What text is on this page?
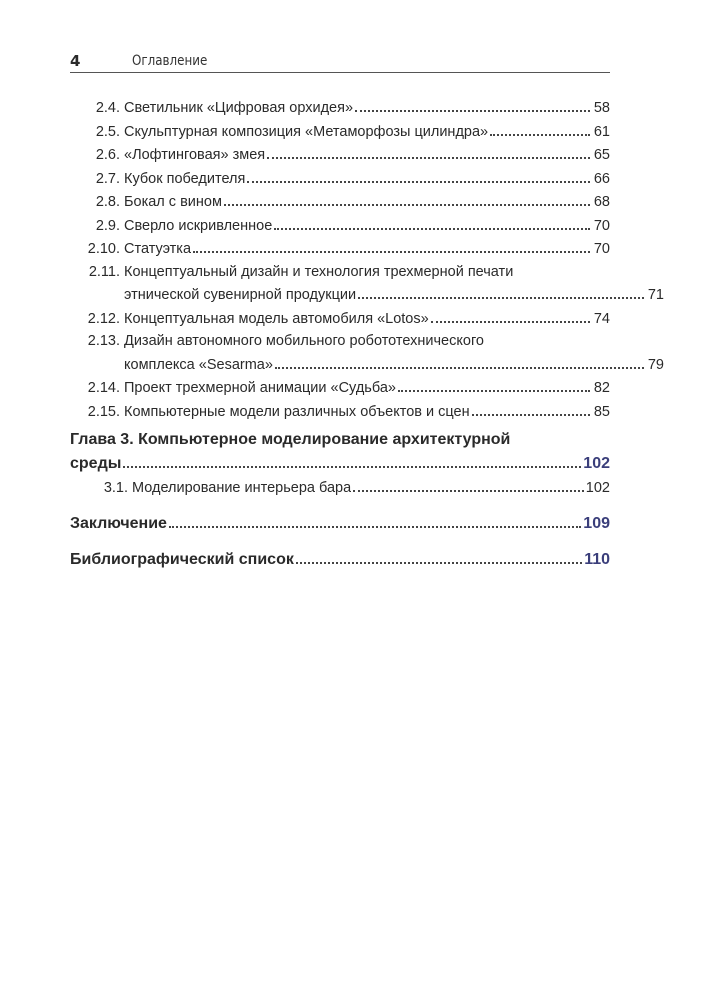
4	Оглавление
2.4. Светильник «Цифровая орхидея»	58
2.5. Скульптурная композиция «Метаморфозы цилиндра»	61
2.6. «Лофтинговая» змея	65
2.7. Кубок победителя	66
2.8. Бокал с вином	68
2.9. Сверло искривленное	70
2.10. Статуэтка	70
2.11. Концептуальный дизайн и технология трехмерной печати
этнической сувенирной продукции	71
2.12. Концептуальная модель автомобиля «Lotos»	74
2.13. Дизайн автономного мобильного робототехнического
комплекса «Sesarma»	79
2.14. Проект трехмерной анимации «Судьба»	82
2.15. Компьютерные модели различных объектов и сцен	85
Глава 3. Компьютерное моделирование архитектурной
среды	102
3.1. Моделирование интерьера бара	102
Заключение	109
Библиографический список	110
